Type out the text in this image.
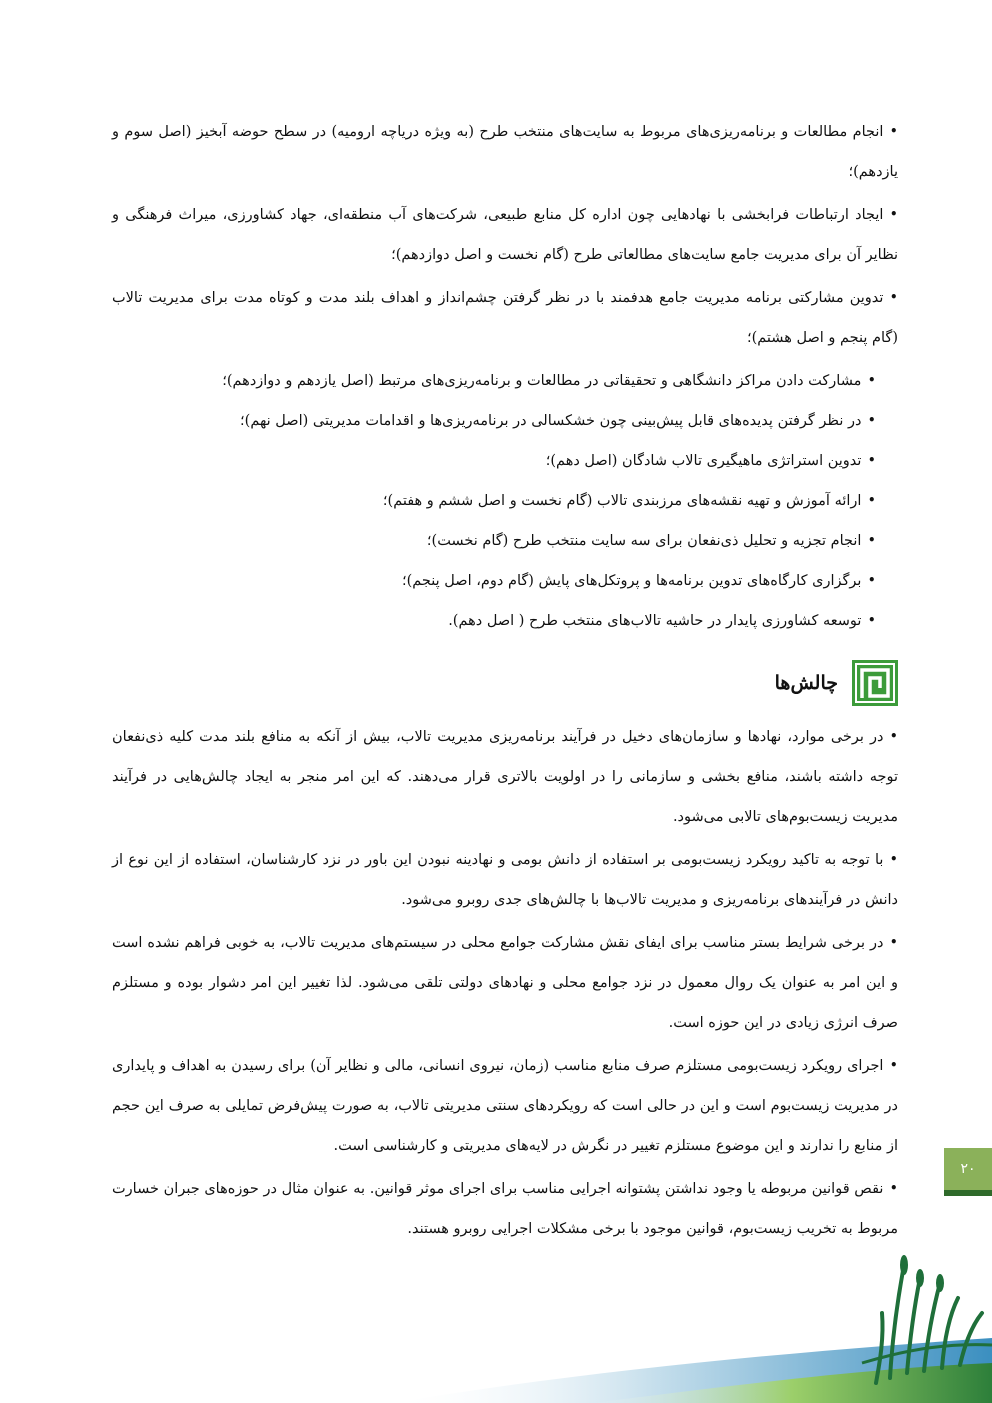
•انجام مطالعات و برنامه‌ریزی‌های مربوط به سایت‌های منتخب طرح (به ویژه دریاچه ارومیه) در سطح حوضه آبخیز (اصل سوم و یازدهم)؛

•ایجاد ارتباطات فرابخشی با نهادهایی چون اداره کل منابع طبیعی، شرکت‌های آب منطقه‌ای، جهاد کشاورزی، میراث فرهنگی و نظایر آن برای مدیریت جامع سایت‌های مطالعاتی طرح (گام نخست و اصل دوازدهم)؛

•تدوین مشارکتی برنامه مدیریت جامع هدفمند با در نظر گرفتن چشم‌انداز و اهداف بلند مدت و کوتاه مدت برای مدیریت تالاب (گام پنجم و اصل هشتم)؛

•مشارکت دادن مراکز دانشگاهی و تحقیقاتی در مطالعات و برنامه‌ریزی‌های مرتبط (اصل یازدهم و دوازدهم)؛
•در نظر گرفتن پدیده‌های قابل پیش‌بینی چون خشکسالی در برنامه‌ریزی‌ها و اقدامات مدیریتی (اصل نهم)؛
•تدوین استراتژی ماهیگیری تالاب شادگان (اصل دهم)؛
•ارائه آموزش و تهیه نقشه‌های مرزبندی تالاب (گام نخست و اصل ششم و هفتم)؛
•انجام تجزیه و تحلیل ذی‌نفعان برای سه سایت منتخب طرح (گام نخست)؛
•برگزاری کارگاه‌های تدوین برنامه‌ها و پروتکل‌های پایش (گام دوم، اصل پنجم)؛
•توسعه کشاورزی پایدار در حاشیه تالاب‌های منتخب طرح ( اصل دهم).
چالش‌ها

•در برخی موارد، نهادها و سازمان‌های دخیل در فرآیند برنامه‌ریزی مدیریت تالاب، بیش از آنکه به منافع بلند مدت کلیه ذی‌نفعان توجه داشته باشند، منافع بخشی و سازمانی را در اولویت بالاتری قرار می‌دهند. که این امر منجر به ایجاد چالش‌هایی در فرآیند مدیریت زیست‌بوم‌های تالابی می‌شود.

•با توجه به تاکید رویکرد زیست‌بومی بر استفاده از دانش بومی و نهادینه نبودن این باور در نزد کارشناسان، استفاده از این نوع از دانش در فرآیندهای برنامه‌ریزی و مدیریت تالاب‌ها با چالش‌های جدی روبرو می‌شود.

•در برخی شرایط بستر مناسب برای ایفای نقش مشارکت جوامع محلی در سیستم‌های مدیریت تالاب، به خوبی فراهم نشده است و این امر به عنوان یک روال معمول در نزد جوامع محلی و نهادهای دولتی تلقی می‌شود. لذا تغییر این امر دشوار بوده و مستلزم صرف انرژی زیادی در این حوزه است.

•اجرای رویکرد زیست‌بومی مستلزم صرف منابع مناسب (زمان، نیروی انسانی، مالی و نظایر آن) برای رسیدن به اهداف و پایداری در مدیریت زیست‌بوم است و این در حالی است که رویکردهای سنتی مدیریتی تالاب، به صورت پیش‌فرض تمایلی به صرف این حجم از منابع را ندارند و این موضوع مستلزم تغییر در نگرش در لایه‌های مدیریتی و کارشناسی است.

•نقص قوانین مربوطه یا وجود نداشتن پشتوانه اجرایی مناسب برای اجرای موثر قوانین. به عنوان مثال در حوزه‌های جبران خسارت مربوط به تخریب زیست‌بوم، قوانین موجود با برخی مشکلات اجرایی روبرو هستند.

۲۰
